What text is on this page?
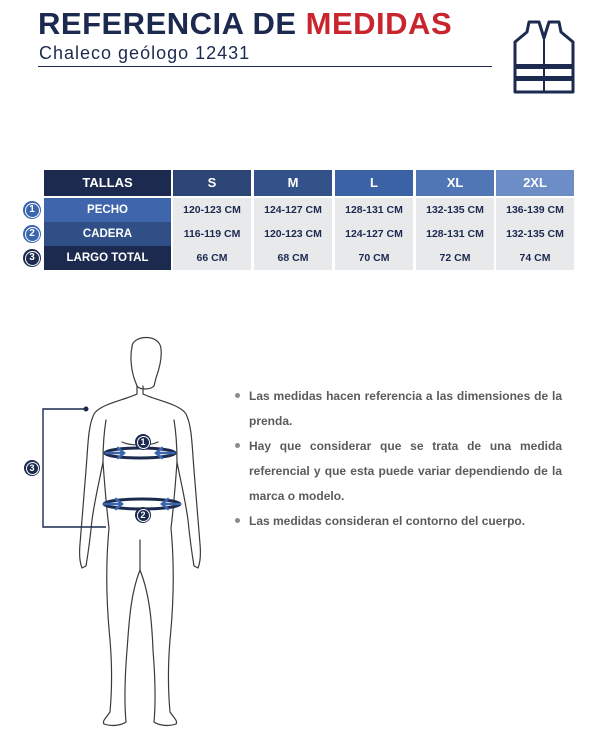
REFERENCIA DE MEDIDAS
Chaleco geólogo 12431
TALLAS	S	M	L	XL	2XL
1	PECHO	120-123 CM	124-127 CM	128-131 CM	132-135 CM	136-139 CM
2	CADERA	116-119 CM	120-123 CM	124-127 CM	128-131 CM	132-135 CM
3	LARGO TOTAL	66 CM	68 CM	70 CM	72 CM	74 CM
1
2
3
Las medidas hacen referencia a las dimensiones de la prenda.
Hay que considerar que se trata de una medida referencial y que esta puede variar dependiendo de la marca o modelo.
Las medidas consideran el contorno del cuerpo.
